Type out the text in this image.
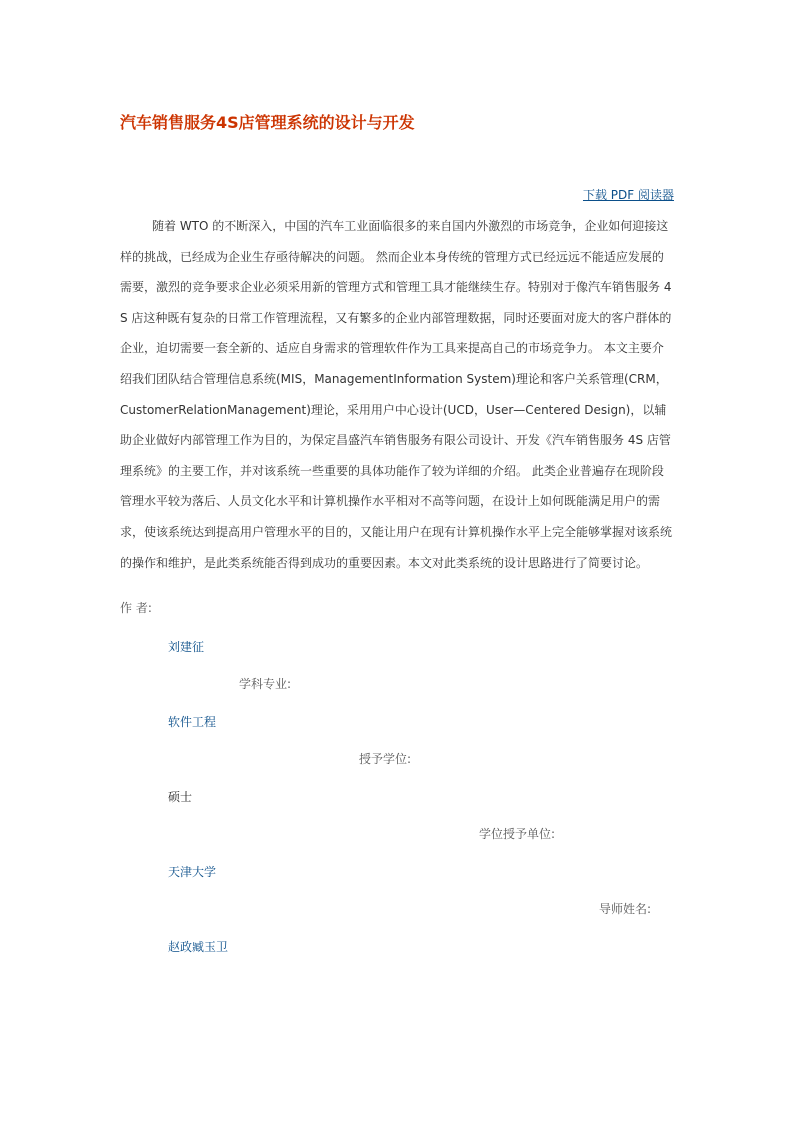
汽车销售服务4S店管理系统的设计与开发
下载 PDF 阅读器

随着 WTO 的不断深入，中国的汽车工业面临很多的来自国内外激烈的市场竞争，企业如何迎接这样的挑战，已经成为企业生存亟待解决的问题。 然而企业本身传统的管理方式已经远远不能适应发展的需要，激烈的竞争要求企业必须采用新的管理方式和管理工具才能继续生存。特别对于像汽车销售服务 4S 店这种既有复杂的日常工作管理流程，又有繁多的企业内部管理数据，同时还要面对庞大的客户群体的企业，迫切需要一套全新的、适应自身需求的管理软件作为工具来提高自己的市场竞争力。 本文主要介绍我们团队结合管理信息系统(MIS，ManagementInformation System)理论和客户关系管理(CRM，CustomerRelationManagement)理论，采用用户中心设计(UCD，User—Centered Design)，以辅助企业做好内部管理工作为目的，为保定昌盛汽车销售服务有限公司设计、开发《汽车销售服务 4S 店管理系统》的主要工作，并对该系统一些重要的具体功能作了较为详细的介绍。 此类企业普遍存在现阶段管理水平较为落后、人员文化水平和计算机操作水平相对不高等问题，在设计上如何既能满足用户的需求，使该系统达到提高用户管理水平的目的，又能让用户在现有计算机操作水平上完全能够掌握对该系统的操作和维护，是此类系统能否得到成功的重要因素。本文对此类系统的设计思路进行了简要讨论。

作 者:
刘建征
学科专业:
软件工程
授予学位:
硕士
学位授予单位:
天津大学
导师姓名:
赵政臧玉卫
